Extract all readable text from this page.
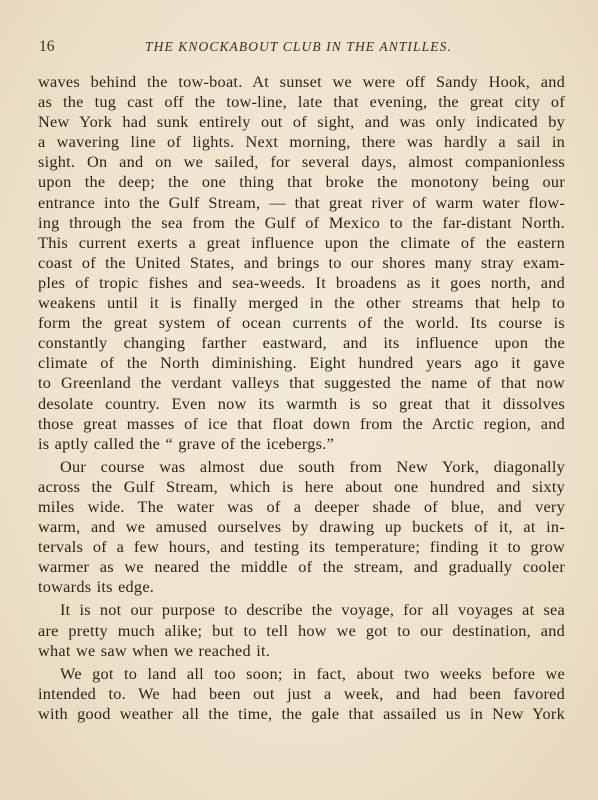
16	THE KNOCKABOUT CLUB IN THE ANTILLES.
waves behind the tow-boat. At sunset we were off Sandy Hook, and
as the tug cast off the tow-line, late that evening, the great city of
New York had sunk entirely out of sight, and was only indicated by
a wavering line of lights. Next morning, there was hardly a sail in
sight. On and on we sailed, for several days, almost companionless
upon the deep; the one thing that broke the monotony being our
entrance into the Gulf Stream, — that great river of warm water flow-
ing through the sea from the Gulf of Mexico to the far-distant North.
This current exerts a great influence upon the climate of the eastern
coast of the United States, and brings to our shores many stray exam-
ples of tropic fishes and sea-weeds. It broadens as it goes north, and
weakens until it is finally merged in the other streams that help to
form the great system of ocean currents of the world. Its course is
constantly changing farther eastward, and its influence upon the
climate of the North diminishing. Eight hundred years ago it gave
to Greenland the verdant valleys that suggested the name of that now
desolate country. Even now its warmth is so great that it dissolves
those great masses of ice that float down from the Arctic region, and
is aptly called the “ grave of the icebergs.”
Our course was almost due south from New York, diagonally
across the Gulf Stream, which is here about one hundred and sixty
miles wide. The water was of a deeper shade of blue, and very
warm, and we amused ourselves by drawing up buckets of it, at in-
tervals of a few hours, and testing its temperature; finding it to grow
warmer as we neared the middle of the stream, and gradually cooler
towards its edge.
It is not our purpose to describe the voyage, for all voyages at sea
are pretty much alike; but to tell how we got to our destination, and
what we saw when we reached it.
We got to land all too soon; in fact, about two weeks before we
intended to. We had been out just a week, and had been favored
with good weather all the time, the gale that assailed us in New York
